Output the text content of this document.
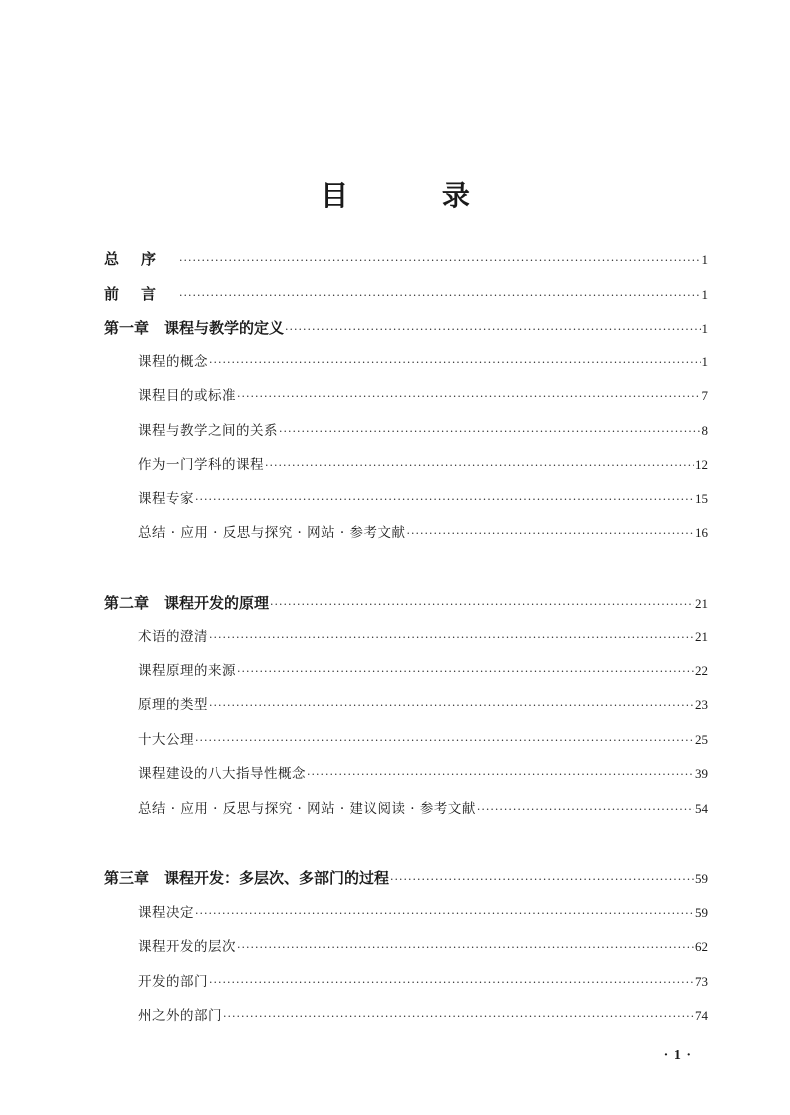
目 录
总序 ·····	1
前言 ·····	1
第一章　课程与教学的定义 ·····	1
课程的概念 ·····	1
课程目的或标准 ·····	7
课程与教学之间的关系 ·····	8
作为一门学科的课程 ·····	12
课程专家 ·····	15
总结 · 应用 · 反思与探究 · 网站 · 参考文献 ·····	16
第二章　课程开发的原理 ·····	21
术语的澄清 ·····	21
课程原理的来源 ·····	22
原理的类型 ·····	23
十大公理 ·····	25
课程建设的八大指导性概念 ·····	39
总结 · 应用 · 反思与探究 · 网站 · 建议阅读 · 参考文献 ·····	54
第三章　课程开发：多层次、多部门的过程 ·····	59
课程决定 ·····	59
课程开发的层次 ·····	62
开发的部门 ·····	73
州之外的部门 ·····	74
· 1 ·
